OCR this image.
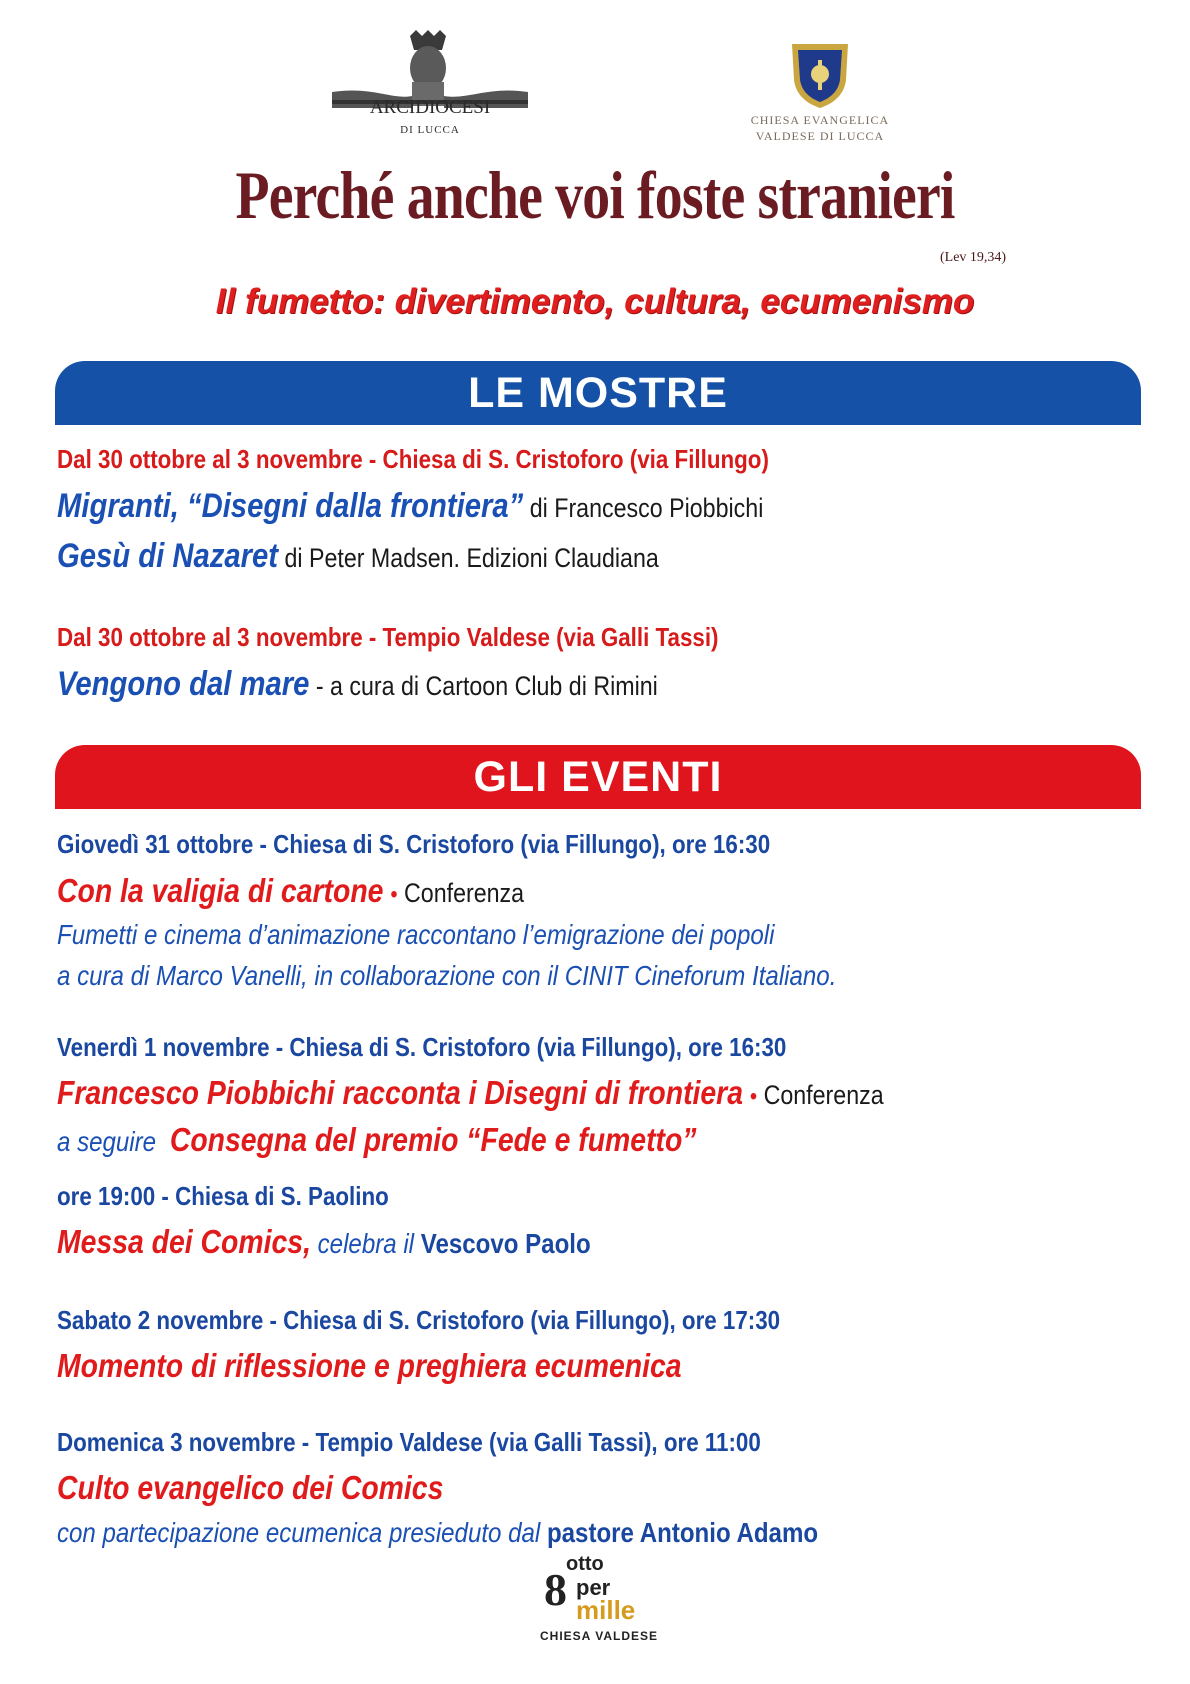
ARCIDIOCESI
DI LUCCA
CHIESA EVANGELICA
VALDESE DI LUCCA
Perché anche voi foste stranieri
(Lev 19,34)
Il fumetto: divertimento, cultura, ecumenismo
LE MOSTRE
Dal 30 ottobre al 3 novembre - Chiesa di S. Cristoforo (via Fillungo)
Migranti, “Disegni dalla frontiera” di Francesco Piobbichi
Gesù di Nazaret di Peter Madsen. Edizioni Claudiana
Dal 30 ottobre al 3 novembre - Tempio Valdese (via Galli Tassi)
Vengono dal mare - a cura di Cartoon Club di Rimini
GLI EVENTI
Giovedì 31 ottobre - Chiesa di S. Cristoforo (via Fillungo), ore 16:30
Con la valigia di cartone • Conferenza
Fumetti e cinema d’animazione raccontano l’emigrazione dei popoli
a cura di Marco Vanelli, in collaborazione con il CINIT Cineforum Italiano.
Venerdì 1 novembre - Chiesa di S. Cristoforo (via Fillungo), ore 16:30
Francesco Piobbichi racconta i Disegni di frontiera • Conferenza
a seguire Consegna del premio “Fede e fumetto”
ore 19:00 - Chiesa di S. Paolino
Messa dei Comics, celebra il Vescovo Paolo
Sabato 2 novembre - Chiesa di S. Cristoforo (via Fillungo), ore 17:30
Momento di riflessione e preghiera ecumenica
Domenica 3 novembre - Tempio Valdese (via Galli Tassi), ore 11:00
Culto evangelico dei Comics
con partecipazione ecumenica presieduto dal pastore Antonio Adamo
otto
8 per
mille
CHIESA VALDESE
